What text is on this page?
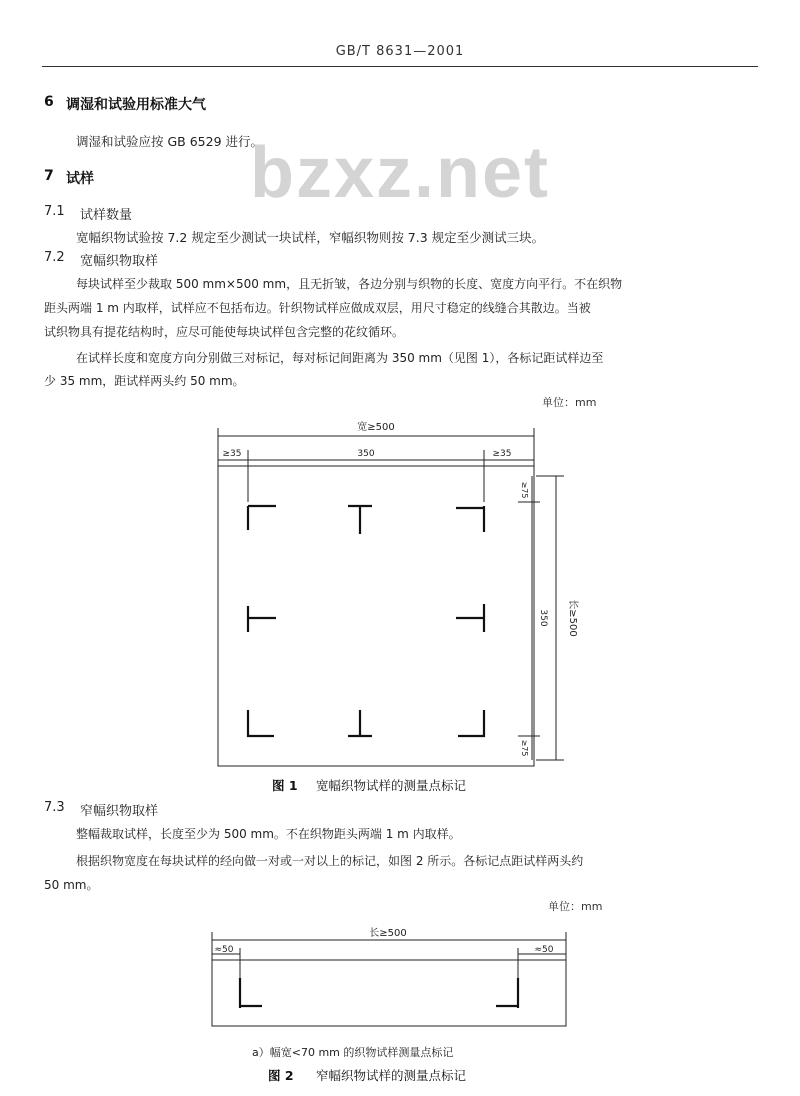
GB/T 8631—2001
bzxz.net
6 调湿和试验用标准大气
调湿和试验应按 GB 6529 进行。
7 试样
7.1 试样数量
宽幅织物试验按 7.2 规定至少测试一块试样，窄幅织物则按 7.3 规定至少测试三块。
7.2 宽幅织物取样
每块试样至少裁取 500 mm×500 mm，且无折皱，各边分别与织物的长度、宽度方向平行。不在织物
距头两端 1 m 内取样，试样应不包括布边。针织物试样应做成双层，用尺寸稳定的线缝合其散边。当被
试织物具有提花结构时，应尽可能使每块试样包含完整的花纹循环。
在试样长度和宽度方向分别做三对标记，每对标记间距离为 350 mm（见图 1），各标记距试样边至
少 35 mm，距试样两头约 50 mm。
单位：mm
宽≥500
≥35	350	≥35
长≥500
350
≥75
≥75
图 1 宽幅织物试样的测量点标记
7.3 窄幅织物取样
整幅裁取试样，长度至少为 500 mm。不在织物距头两端 1 m 内取样。
根据织物宽度在每块试样的经向做一对或一对以上的标记，如图 2 所示。各标记点距试样两头约
50 mm。
单位：mm
长≥500
≈50	≈50
a）幅宽<70 mm 的织物试样测量点标记
图 2 窄幅织物试样的测量点标记
